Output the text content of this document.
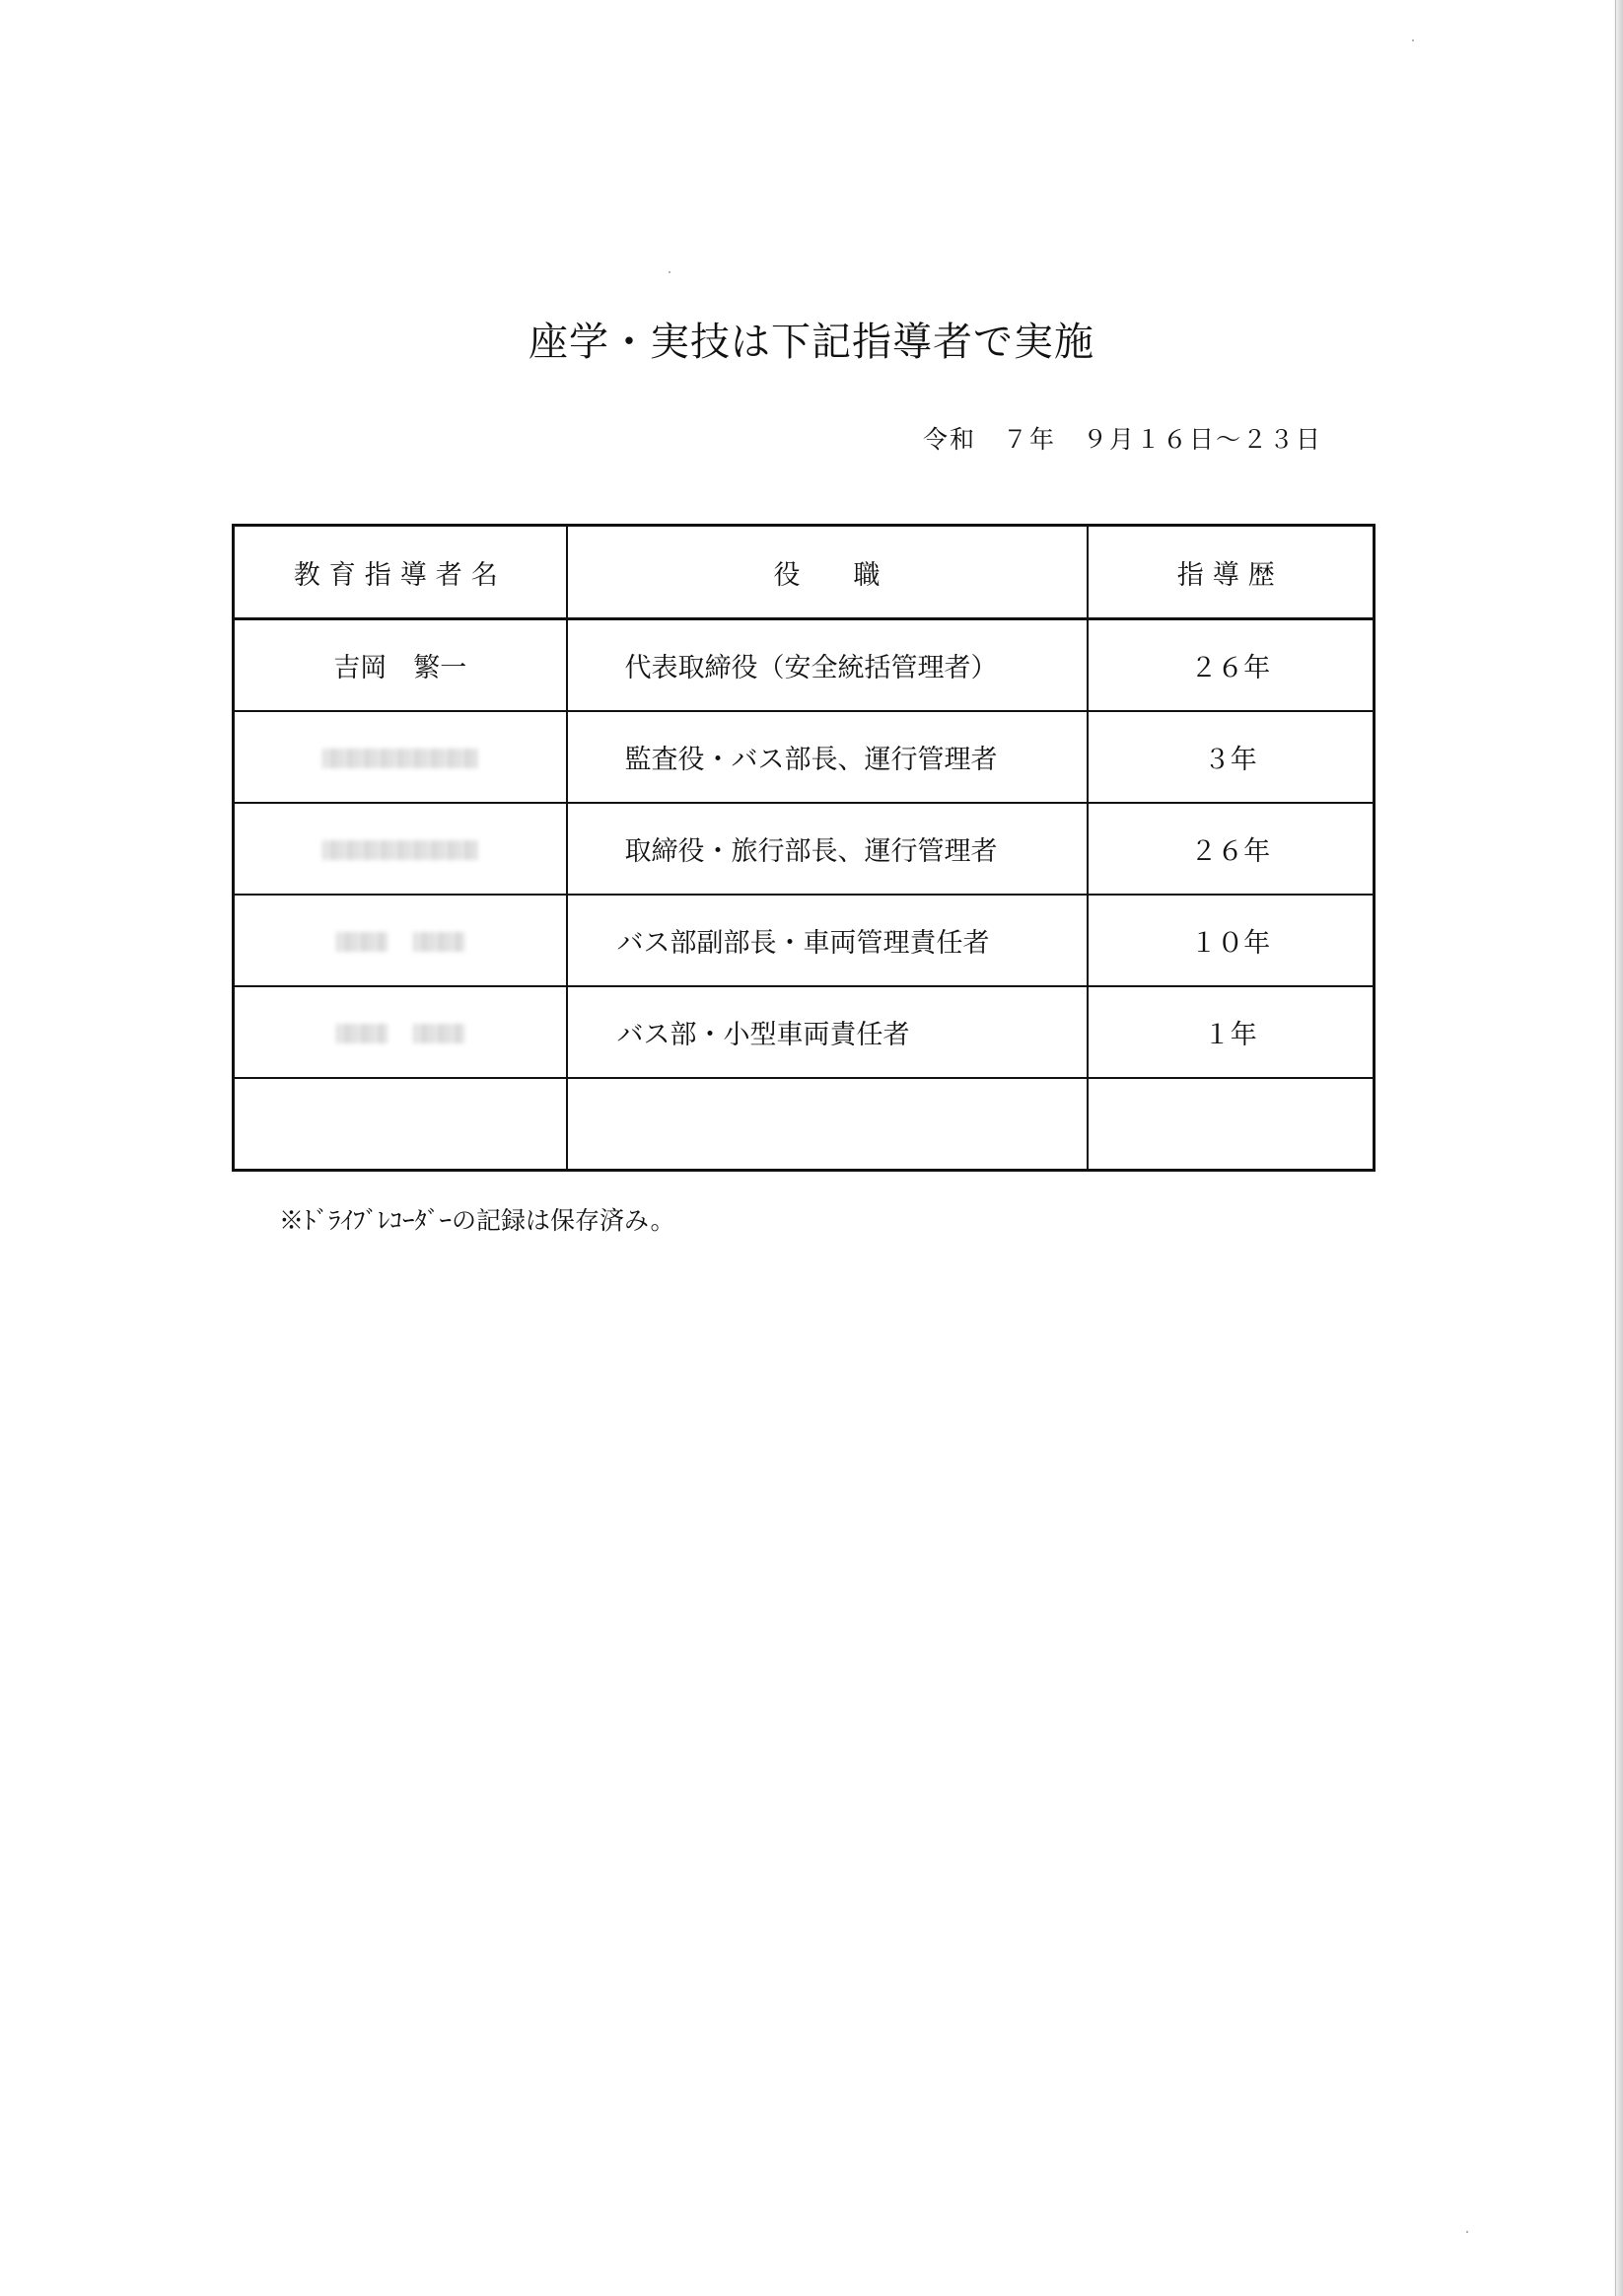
座学・実技は下記指導者で実施
令和　７年　９月１６日～２３日
教育指導者名	役　　職	指導歴
吉岡　繁一	代表取締役（安全統括管理者）	２６年
	監査役・バス部長、運行管理者	３年
	取締役・旅行部長、運行管理者	２６年
	バス部副部長・車両管理責任者	１０年
	バス部・小型車両責任者	１年

※ﾄﾞﾗｲﾌﾞﾚｺｰﾀﾞｰの記録は保存済み。
